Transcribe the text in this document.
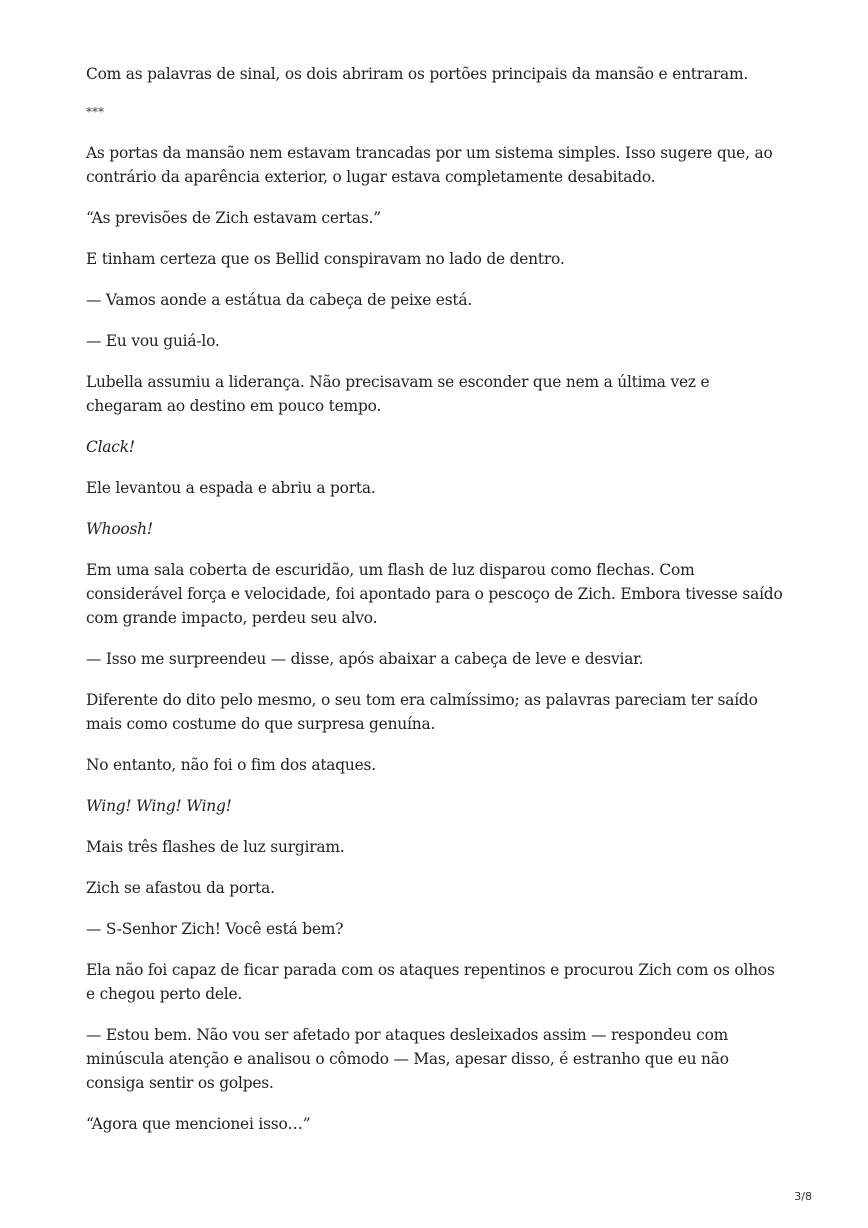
Com as palavras de sinal, os dois abriram os portões principais da mansão e entraram.

***

As portas da mansão nem estavam trancadas por um sistema simples. Isso sugere que, ao contrário da aparência exterior, o lugar estava completamente desabitado.

“As previsões de Zich estavam certas.”

E tinham certeza que os Bellid conspiravam no lado de dentro.

— Vamos aonde a estátua da cabeça de peixe está.

— Eu vou guiá-lo.

Lubella assumiu a liderança. Não precisavam se esconder que nem a última vez e chegaram ao destino em pouco tempo.

Clack!

Ele levantou a espada e abriu a porta.

Whoosh!

Em uma sala coberta de escuridão, um flash de luz disparou como flechas. Com considerável força e velocidade, foi apontado para o pescoço de Zich. Embora tivesse saído com grande impacto, perdeu seu alvo.

— Isso me surpreendeu — disse, após abaixar a cabeça de leve e desviar.

Diferente do dito pelo mesmo, o seu tom era calmíssimo; as palavras pareciam ter saído mais como costume do que surpresa genuína.

No entanto, não foi o fim dos ataques.

Wing! Wing! Wing!

Mais três flashes de luz surgiram.

Zich se afastou da porta.

— S-Senhor Zich! Você está bem?

Ela não foi capaz de ficar parada com os ataques repentinos e procurou Zich com os olhos e chegou perto dele.

— Estou bem. Não vou ser afetado por ataques desleixados assim — respondeu com minúscula atenção e analisou o cômodo — Mas, apesar disso, é estranho que eu não consiga sentir os golpes.

“Agora que mencionei isso…”

3/8
